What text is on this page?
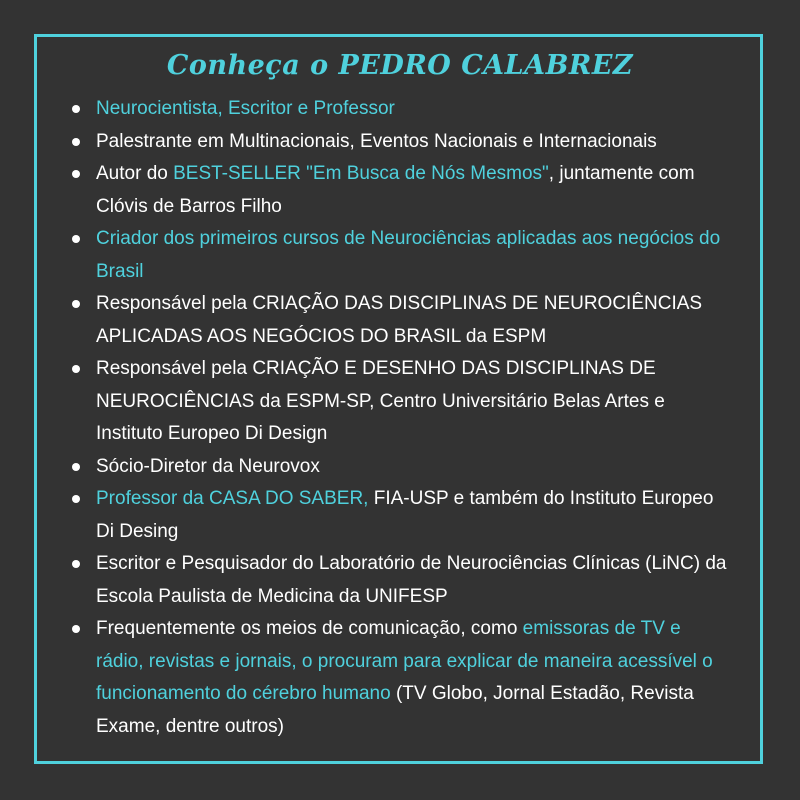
Conheça o PEDRO CALABREZ
Neurocientista, Escritor e Professor
Palestrante em Multinacionais, Eventos Nacionais e Internacionais
Autor do BEST-SELLER "Em Busca de Nós Mesmos", juntamente com Clóvis de Barros Filho
Criador dos primeiros cursos de Neurociências aplicadas aos negócios do Brasil
Responsável pela CRIAÇÃO DAS DISCIPLINAS DE NEUROCIÊNCIAS APLICADAS AOS NEGÓCIOS DO BRASIL da ESPM
Responsável pela CRIAÇÃO E DESENHO DAS DISCIPLINAS DE NEUROCIÊNCIAS da ESPM-SP, Centro Universitário Belas Artes e Instituto Europeo Di Design
Sócio-Diretor da Neurovox
Professor da CASA DO SABER, FIA-USP e também do Instituto Europeo Di Desing
Escritor e Pesquisador do Laboratório de Neurociências Clínicas (LiNC) da Escola Paulista de Medicina da UNIFESP
Frequentemente os meios de comunicação, como emissoras de TV e rádio, revistas e jornais, o procuram para explicar de maneira acessível o funcionamento do cérebro humano (TV Globo, Jornal Estadão, Revista Exame, dentre outros)
